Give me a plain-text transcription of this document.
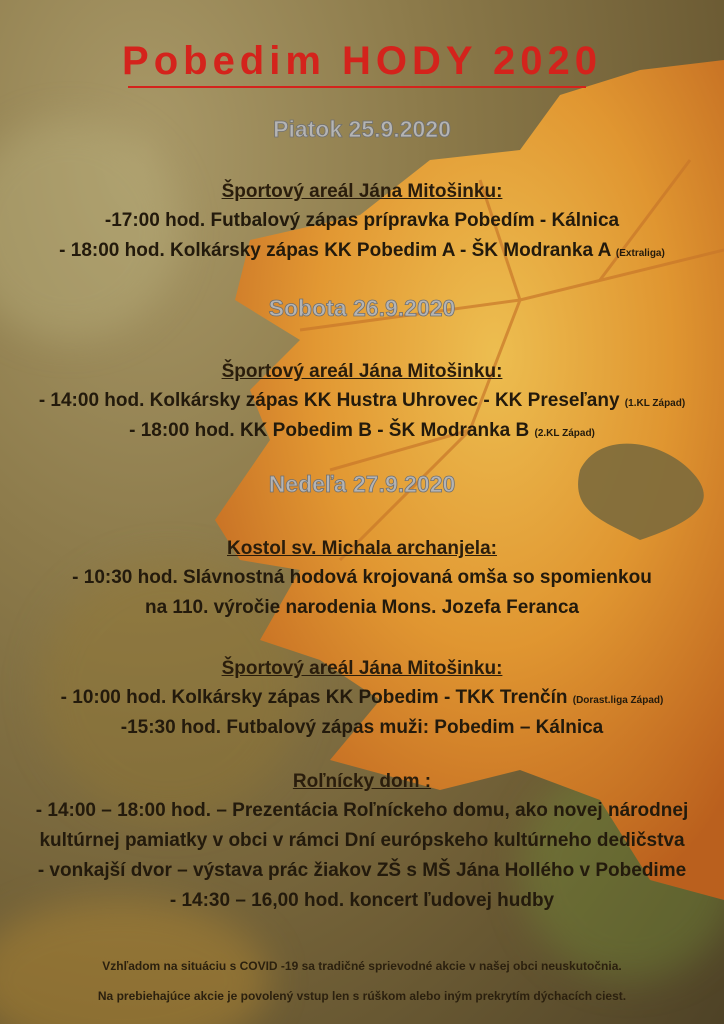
Pobedim HODY 2020
Piatok 25.9.2020
Športový areál Jána Mitošinku:
-17:00 hod. Futbalový zápas prípravka Pobedím - Kálnica
- 18:00 hod. Kolkársky zápas KK Pobedim A - ŠK Modranka A (Extraliga)
Sobota 26.9.2020
Športový areál Jána Mitošinku:
- 14:00 hod. Kolkársky zápas KK Hustra Uhrovec - KK Preseľany (1.KL Západ)
- 18:00 hod. KK Pobedim B - ŠK Modranka B (2.KL Západ)
Nedeľa 27.9.2020
Kostol sv. Michala archanjela:
- 10:30 hod. Slávnostná hodová krojovaná omša so spomienkou
na 110. výročie narodenia Mons. Jozefa Feranca
Športový areál Jána Mitošinku:
- 10:00 hod. Kolkársky zápas KK Pobedim - TKK Trenčín (Dorast.liga Západ)
-15:30 hod. Futbalový zápas muži: Pobedim – Kálnica
Roľnícky dom :
- 14:00 – 18:00 hod. – Prezentácia Roľníckeho domu, ako novej národnej
kultúrnej pamiatky v obci v rámci Dní európskeho kultúrneho dedičstva
- vonkajší dvor – výstava prác žiakov ZŠ s MŠ Jána Hollého v Pobedime
- 14:30 – 16,00 hod. koncert ľudovej hudby
Vzhľadom na situáciu s COVID -19 sa tradičné sprievodné akcie v našej obci neuskutočnia.
Na prebiehajúce akcie je povolený vstup len s rúškom alebo iným prekrytím dýchacích ciest.
